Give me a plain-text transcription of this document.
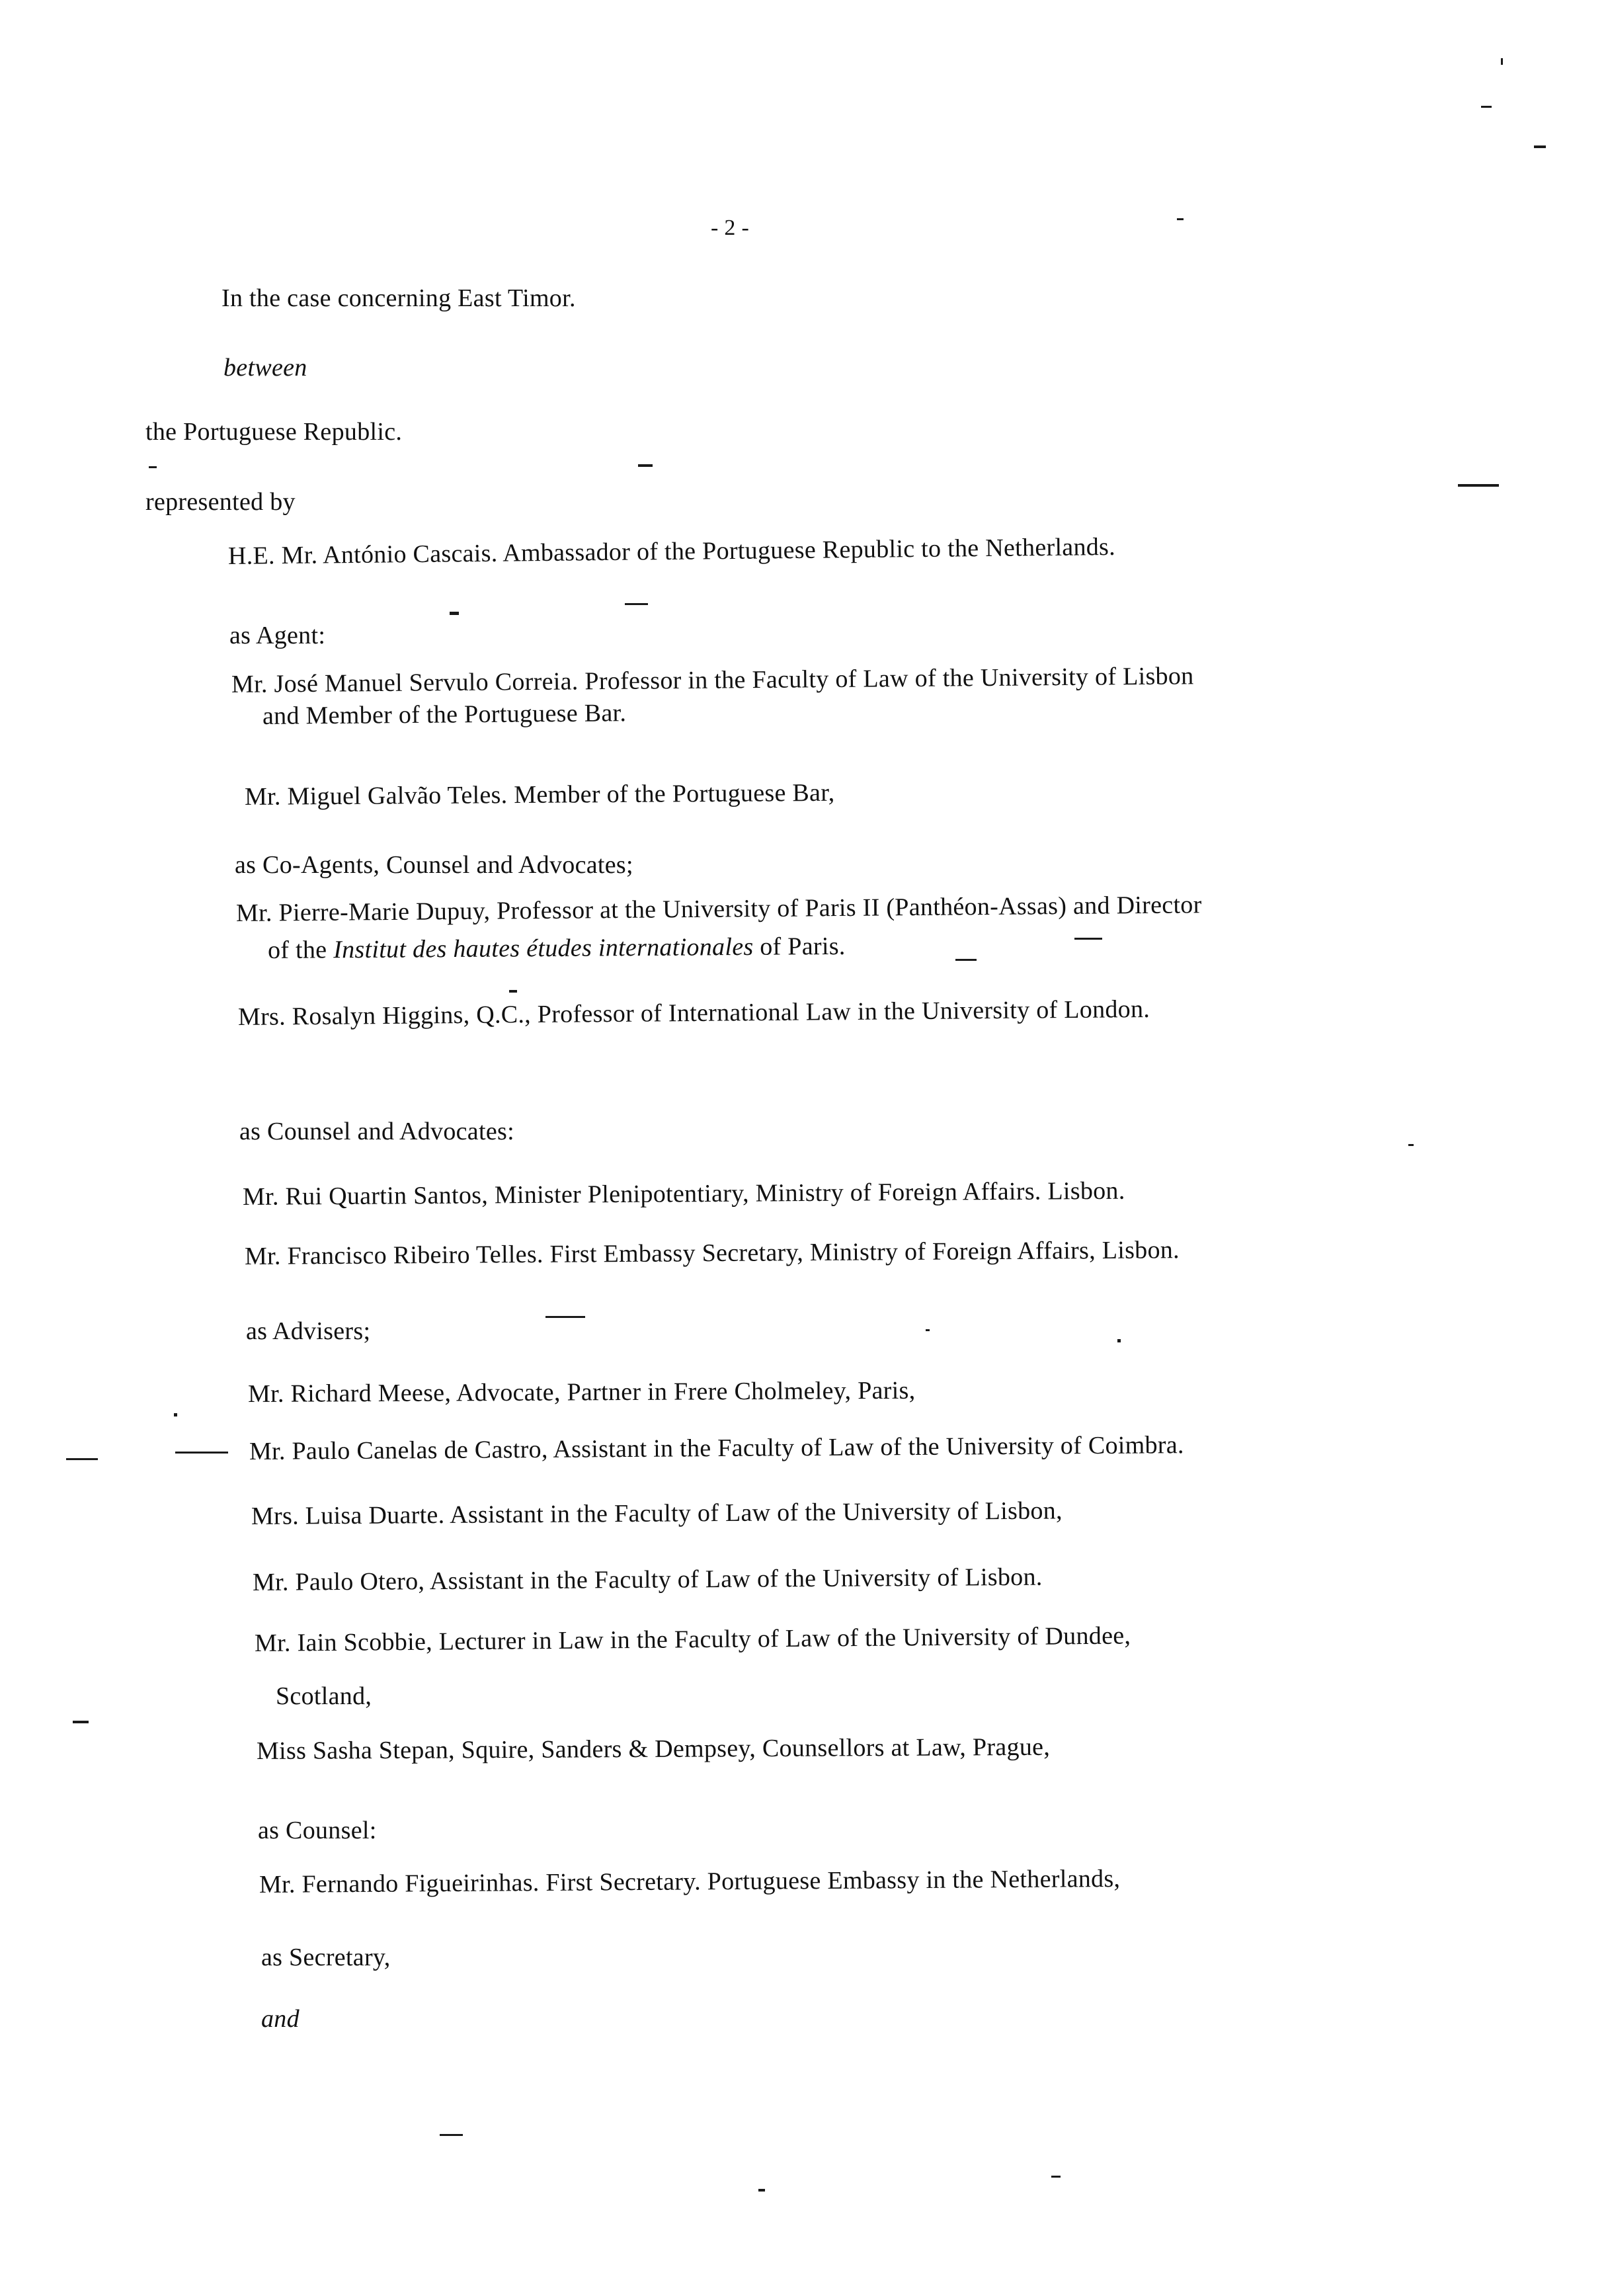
- 2 -
In the case concerning East Timor.
between
the Portuguese Republic.
represented by
H.E. Mr. António Cascais. Ambassador of the Portuguese Republic to the Netherlands.
as Agent:
Mr. José Manuel Servulo Correia. Professor in the Faculty of Law of the University of Lisbon
and Member of the Portuguese Bar.
Mr. Miguel Galvão Teles. Member of the Portuguese Bar,
as Co-Agents, Counsel and Advocates;
Mr. Pierre-Marie Dupuy, Professor at the University of Paris II (Panthéon-Assas) and Director
of the Institut des hautes études internationales of Paris.
Mrs. Rosalyn Higgins, Q.C., Professor of International Law in the University of London.
as Counsel and Advocates:
Mr. Rui Quartin Santos, Minister Plenipotentiary, Ministry of Foreign Affairs. Lisbon.
Mr. Francisco Ribeiro Telles. First Embassy Secretary, Ministry of Foreign Affairs, Lisbon.
as Advisers;
Mr. Richard Meese, Advocate, Partner in Frere Cholmeley, Paris,
Mr. Paulo Canelas de Castro, Assistant in the Faculty of Law of the University of Coimbra.
Mrs. Luisa Duarte. Assistant in the Faculty of Law of the University of Lisbon,
Mr. Paulo Otero, Assistant in the Faculty of Law of the University of Lisbon.
Mr. Iain Scobbie, Lecturer in Law in the Faculty of Law of the University of Dundee,
Scotland,
Miss Sasha Stepan, Squire, Sanders & Dempsey, Counsellors at Law, Prague,
as Counsel:
Mr. Fernando Figueirinhas. First Secretary. Portuguese Embassy in the Netherlands,
as Secretary,
and
